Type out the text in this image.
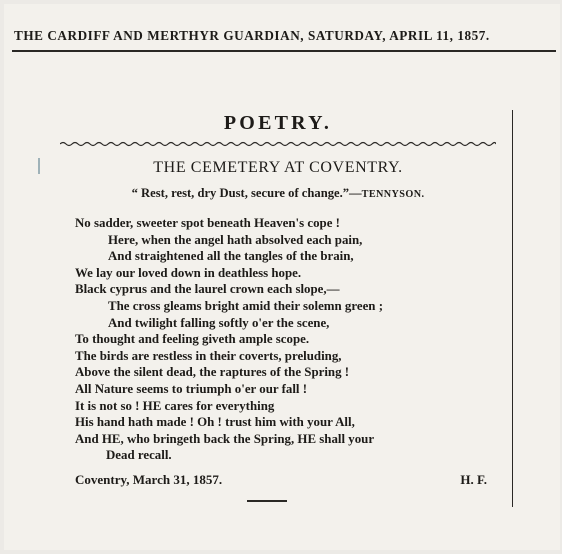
THE CARDIFF AND MERTHYR GUARDIAN, SATURDAY, APRIL 11, 1857.
POETRY.
THE CEMETERY AT COVENTRY.
“ Rest, rest, dry Dust, secure of change.”—TENNYSON.
No sadder, sweeter spot beneath Heaven's cope !
Here, when the angel hath absolved each pain,
And straightened all the tangles of the brain,
We lay our loved down in deathless hope.
Black cyprus and the laurel crown each slope,—
The cross gleams bright amid their solemn green ;
And twilight falling softly o'er the scene,
To thought and feeling giveth ample scope.
The birds are restless in their coverts, preluding,
Above the silent dead, the raptures of the Spring !
All Nature seems to triumph o'er our fall !
It is not so ! HE cares for everything
His hand hath made ! Oh ! trust him with your All,
And HE, who bringeth back the Spring, HE shall your
Dead recall.
Coventry, March 31, 1857.	H. F.
